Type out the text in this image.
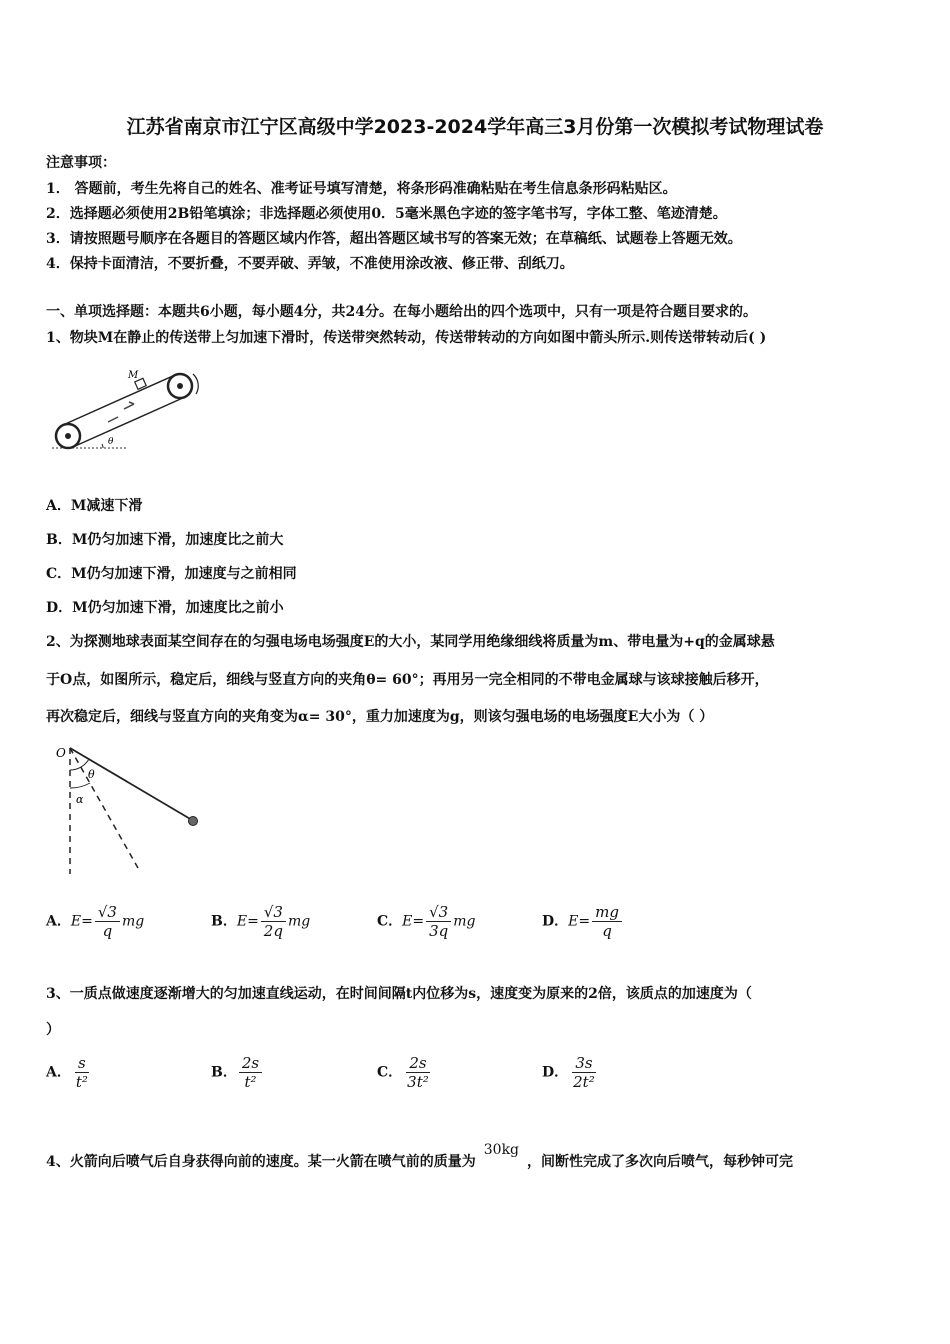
江苏省南京市江宁区高级中学2023-2024学年高三3月份第一次模拟考试物理试卷
注意事项：
1． 答题前，考生先将自己的姓名、准考证号填写清楚，将条形码准确粘贴在考生信息条形码粘贴区。
2．选择题必须使用2B铅笔填涂；非选择题必须使用0．5毫米黑色字迹的签字笔书写，字体工整、笔迹清楚。
3．请按照题号顺序在各题目的答题区域内作答，超出答题区域书写的答案无效；在草稿纸、试题卷上答题无效。
4．保持卡面清洁，不要折叠，不要弄破、弄皱，不准使用涂改液、修正带、刮纸刀。
一、单项选择题：本题共6小题，每小题4分，共24分。在每小题给出的四个选项中，只有一项是符合题目要求的。
1、物块M在静止的传送带上匀加速下滑时，传送带突然转动，传送带转动的方向如图中箭头所示.则传送带转动后( )
M
θ
A．M减速下滑
B．M仍匀加速下滑，加速度比之前大
C．M仍匀加速下滑，加速度与之前相同
D．M仍匀加速下滑，加速度比之前小
2、为探测地球表面某空间存在的匀强电场电场强度E的大小，某同学用绝缘细线将质量为m、带电量为+q的金属球悬
于O点，如图所示，稳定后，细线与竖直方向的夹角θ= 60°；再用另一完全相同的不带电金属球与该球接触后移开，
再次稳定后，细线与竖直方向的夹角变为α= 30°，重力加速度为g，则该匀强电场的电场强度E大小为（ ）
O
θ
α
A．$E= \frac{√3}{q}$ mg	B．$E= \frac{√3}{2q}$ mg	C．$E= \frac{√3}{3q}$ mg	D．$E= \frac{mg}{q}$
3、一质点做速度逐渐增大的匀加速直线运动，在时间间隔t内位移为s，速度变为原来的2倍，该质点的加速度为（
）
A． $\frac{s}{\text{t²}}$	B． $\frac{2s}{\text{t²}}$	C． $\frac{2s}{\text{3t²}}$	D． $\frac{3s}{\text{2t²}}$
4、火箭向后喷气后自身获得向前的速度。某一火箭在喷气前的质量为30kg，间断性完成了多次向后喷气，每秒钟可完
